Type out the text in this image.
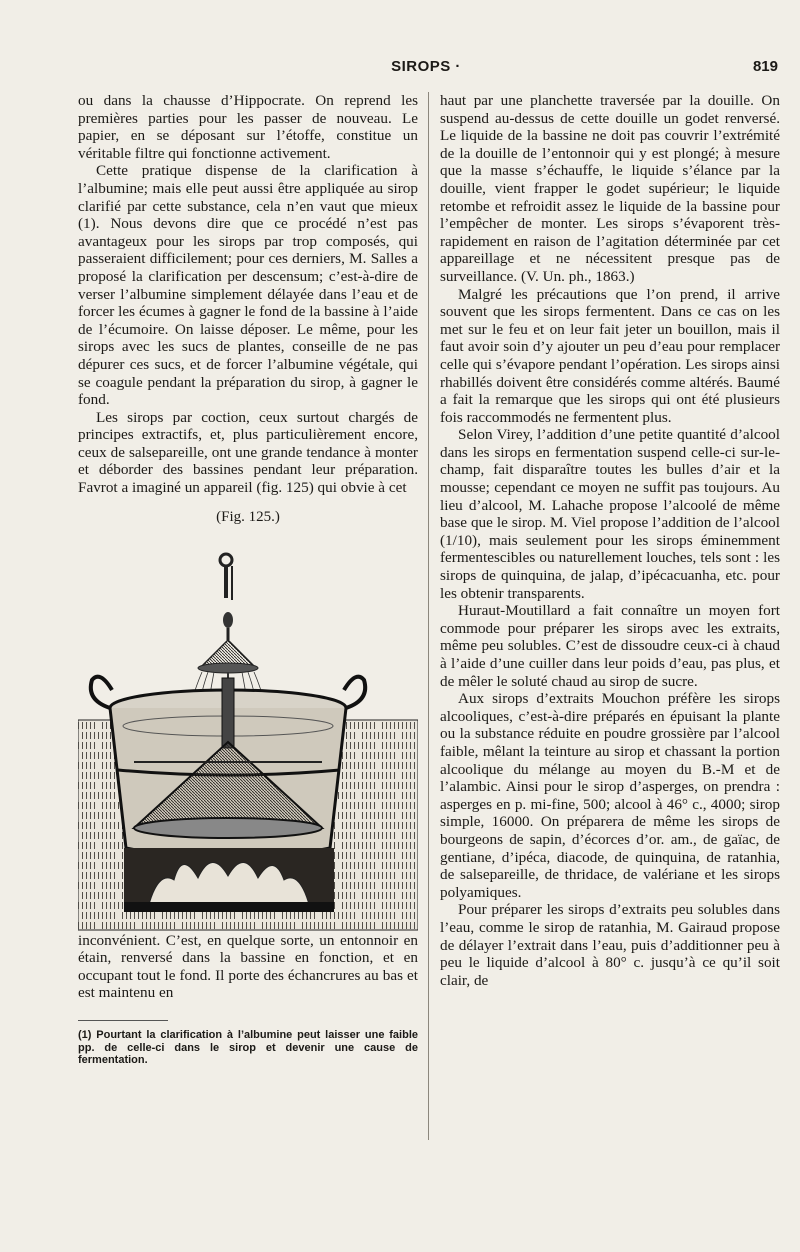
SIROPS ·	819

ou dans la chausse d’Hippocrate. On reprend les premières parties pour les passer de nouveau. Le papier, en se déposant sur l’étoffe, constitue un véritable filtre qui fonctionne activement.

Cette pratique dispense de la clarification à l’albumine; mais elle peut aussi être appliquée au sirop clarifié par cette substance, cela n’en vaut que mieux (1). Nous devons dire que ce procédé n’est pas avantageux pour les sirops par trop composés, qui passeraient difficilement; pour ces derniers, M. Salles a proposé la clarification per descensum; c’est-à-dire de verser l’albumine simplement délayée dans l’eau et de forcer les écumes à gagner le fond de la bassine à l’aide de l’écumoire. On laisse déposer. Le même, pour les sirops avec les sucs de plantes, conseille de ne pas dépurer ces sucs, et de forcer l’albumine végétale, qui se coagule pendant la préparation du sirop, à gagner le fond.

Les sirops par coction, ceux surtout chargés de principes extractifs, et, plus particulièrement encore, ceux de salsepareille, ont une grande tendance à monter et déborder des bassines pendant leur préparation. Favrot a imaginé un appareil (fig. 125) qui obvie à cet

(Fig. 125.)

inconvénient. C’est, en quelque sorte, un entonnoir en étain, renversé dans la bassine en fonction, et en occupant tout le fond. Il porte des échancrures au bas et est maintenu en

(1) Pourtant la clarification à l’albumine peut laisser une faible pp. de celle-ci dans le sirop et devenir une cause de fermentation.

haut par une planchette traversée par la douille. On suspend au-dessus de cette douille un godet renversé. Le liquide de la bassine ne doit pas couvrir l’extrémité de la douille de l’entonnoir qui y est plongé; à mesure que la masse s’échauffe, le liquide s’élance par la douille, vient frapper le godet supérieur; le liquide retombe et refroidit assez le liquide de la bassine pour l’empêcher de monter. Les sirops s’évaporent très-rapidement en raison de l’agitation déterminée par cet appareillage et ne nécessitent presque pas de surveillance. (V. Un. ph., 1863.)

Malgré les précautions que l’on prend, il arrive souvent que les sirops fermentent. Dans ce cas on les met sur le feu et on leur fait jeter un bouillon, mais il faut avoir soin d’y ajouter un peu d’eau pour remplacer celle qui s’évapore pendant l’opération. Les sirops ainsi rhabillés doivent être considérés comme altérés. Baumé a fait la remarque que les sirops qui ont été plusieurs fois raccommodés ne fermentent plus.

Selon Virey, l’addition d’une petite quantité d’alcool dans les sirops en fermentation suspend celle-ci sur-le-champ, fait disparaître toutes les bulles d’air et la mousse; cependant ce moyen ne suffit pas toujours. Au lieu d’alcool, M. Lahache propose l’alcoolé de même base que le sirop. M. Viel propose l’addition de l’alcool (1/10), mais seulement pour les sirops éminemment fermentescibles ou naturellement louches, tels sont : les sirops de quinquina, de jalap, d’ipécacuanha, etc. pour les obtenir transparents.

Huraut-Moutillard a fait connaître un moyen fort commode pour préparer les sirops avec les extraits, même peu solubles. C’est de dissoudre ceux-ci à chaud à l’aide d’une cuiller dans leur poids d’eau, pas plus, et de mêler le soluté chaud au sirop de sucre.

Aux sirops d’extraits Mouchon préfère les sirops alcooliques, c’est-à-dire préparés en épuisant la plante ou la substance réduite en poudre grossière par l’alcool faible, mêlant la teinture au sirop et chassant la portion alcoolique du mélange au moyen du B.-M et de l’alambic. Ainsi pour le sirop d’asperges, on prendra : asperges en p. mi-fine, 500; alcool à 46° c., 4000; sirop simple, 16000. On préparera de même les sirops de bourgeons de sapin, d’écorces d’or. am., de gaïac, de gentiane, d’ipéca, diacode, de quinquina, de ratanhia, de salsepareille, de thridace, de valériane et les sirops polyamiques.

Pour préparer les sirops d’extraits peu solubles dans l’eau, comme le sirop de ratanhia, M. Gairaud propose de délayer l’extrait dans l’eau, puis d’additionner peu à peu le liquide d’alcool à 80° c. jusqu’à ce qu’il soit clair, de
